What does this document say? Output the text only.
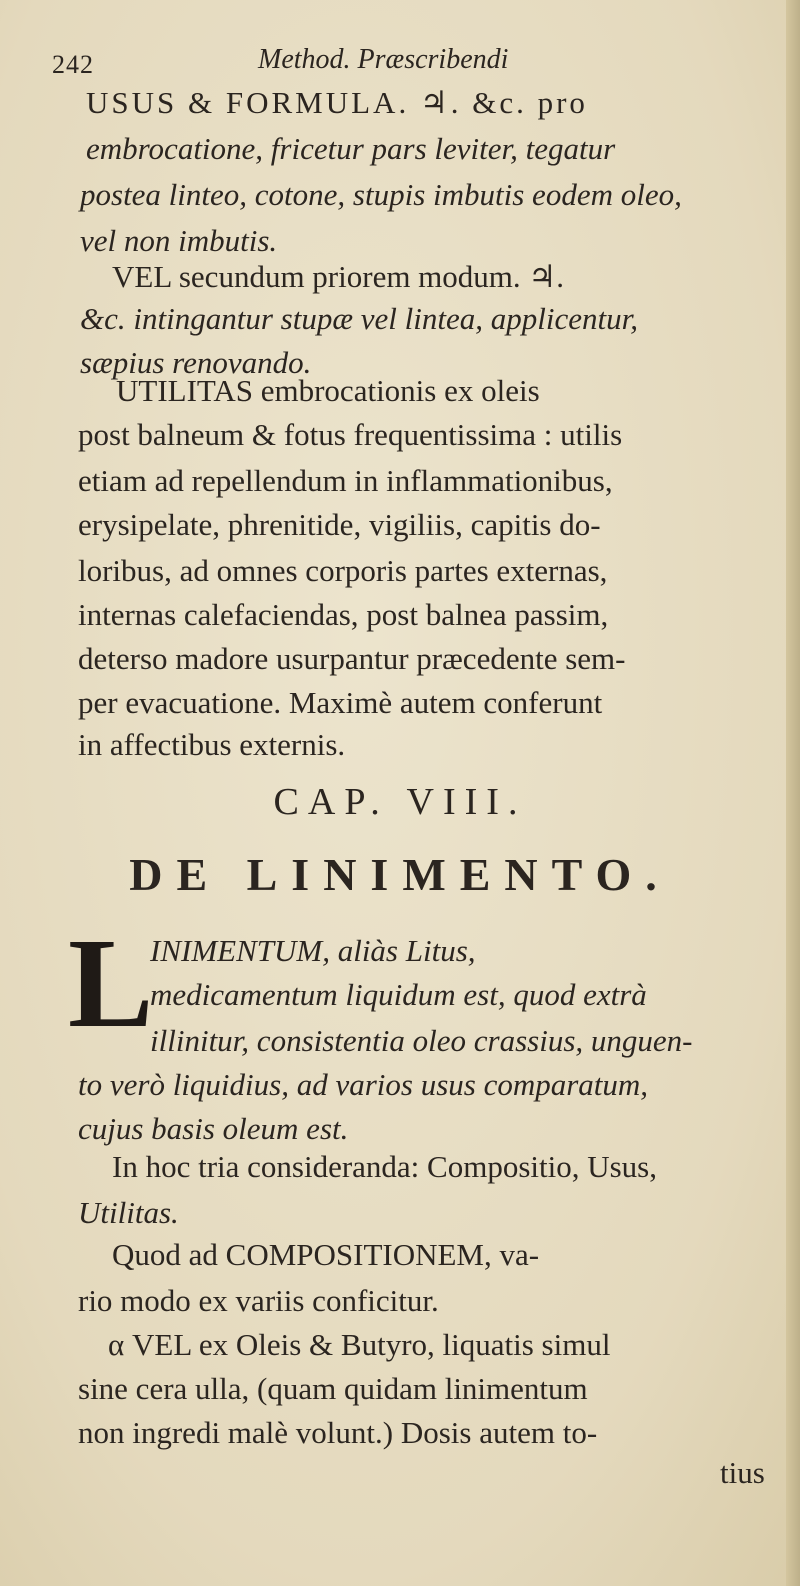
242	Method. Præscribendi
USUS & FORMULA. ♃. &c. pro
embrocatione, fricetur pars leviter, tegatur
postea linteo, cotone, stupis imbutis eodem oleo,
vel non imbutis.
VEL secundum priorem modum. ♃.
&c. intingantur stupæ vel lintea, applicentur,
sæpius renovando.
UTILITAS embrocationis ex oleis
post balneum & fotus frequentissima : utilis
etiam ad repellendum in inflammationibus,
erysipelate, phrenitide, vigiliis, capitis do-
loribus, ad omnes corporis partes externas,
internas calefaciendas, post balnea passim,
deterso madore usurpantur præcedente sem-
per evacuatione. Maximè autem conferunt
in affectibus externis.
CAP. VIII.
DE LINIMENTO.
L
INIMENTUM, aliàs Litus,
medicamentum liquidum est, quod extrà
illinitur, consistentia oleo crassius, unguen-
to verò liquidius, ad varios usus comparatum,
cujus basis oleum est.
In hoc tria consideranda: Compositio, Usus,
Utilitas.
Quod ad COMPOSITIONEM, va-
rio modo ex variis conficitur.
α VEL ex Oleis & Butyro, liquatis simul
sine cera ulla, (quam quidam linimentum
non ingredi malè volunt.) Dosis autem to-
tius
